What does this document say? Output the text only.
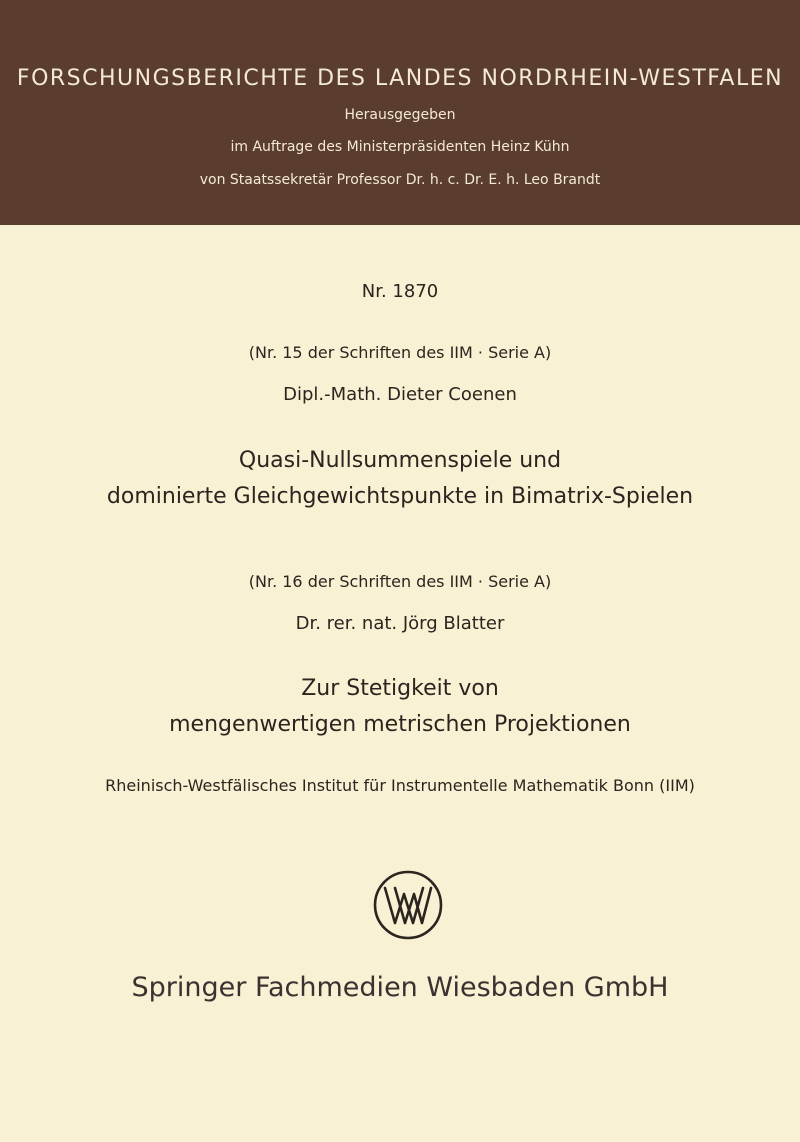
FORSCHUNGSBERICHTE DES LANDES NORDRHEIN-WESTFALEN
Herausgegeben
im Auftrage des Ministerpräsidenten Heinz Kühn
von Staatssekretär Professor Dr. h. c. Dr. E. h. Leo Brandt
Nr. 1870
(Nr. 15 der Schriften des IIM · Serie A)
Dipl.-Math. Dieter Coenen
Quasi-Nullsummenspiele und
dominierte Gleichgewichtspunkte in Bimatrix-Spielen
(Nr. 16 der Schriften des IIM · Serie A)
Dr. rer. nat. Jörg Blatter
Zur Stetigkeit von
mengenwertigen metrischen Projektionen
Rheinisch-Westfälisches Institut für Instrumentelle Mathematik Bonn (IIM)
Springer Fachmedien Wiesbaden GmbH
